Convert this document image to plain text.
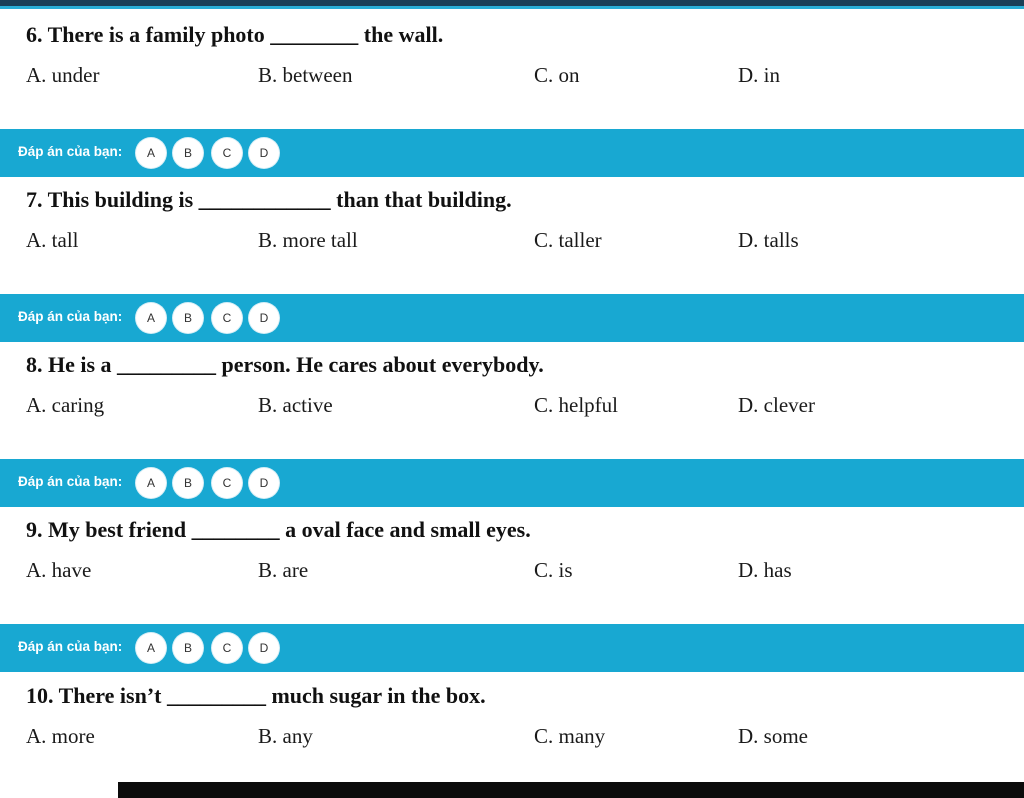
6. There is a family photo ________ the wall.
A. under	B. between	C. on	D. in
Đáp án của bạn:	A	B	C	D
7. This building is ____________ than that building.
A. tall	B. more tall	C. taller	D. talls
Đáp án của bạn:	A	B	C	D
8. He is a _________ person. He cares about everybody.
A. caring	B. active	C. helpful	D. clever
Đáp án của bạn:	A	B	C	D
9. My best friend ________ a oval face and small eyes.
A. have	B. are	C. is	D. has
Đáp án của bạn:	A	B	C	D
10. There isn’t _________ much sugar in the box.
A. more	B. any	C. many	D. some
